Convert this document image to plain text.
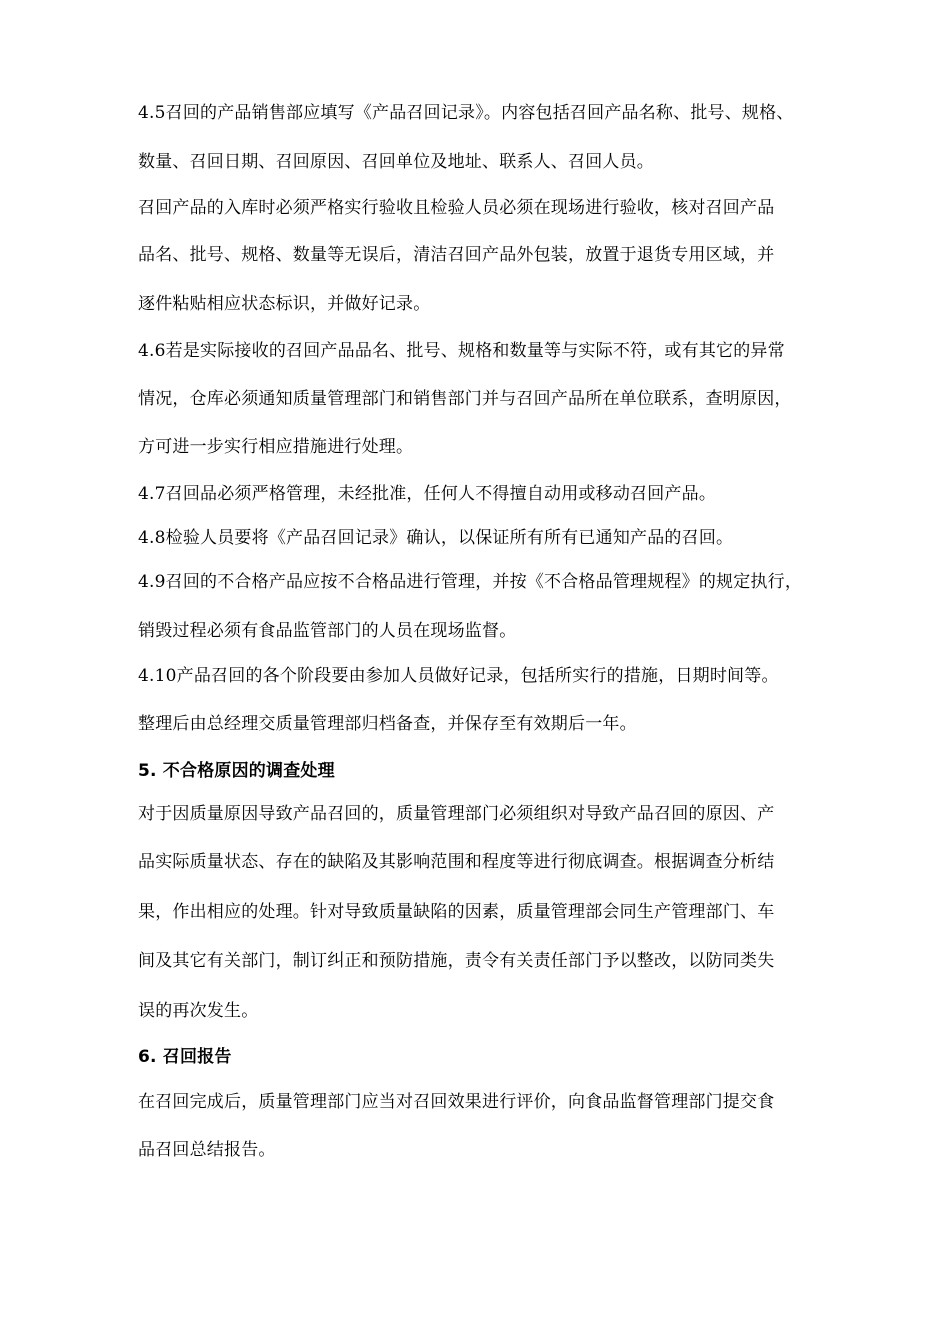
4.5召回的产品销售部应填写《产品召回记录》。内容包括召回产品名称、批号、规格、
数量、召回日期、召回原因、召回单位及地址、联系人、召回人员。
召回产品的入库时必须严格实行验收且检验人员必须在现场进行验收，核对召回产品
品名、批号、规格、数量等无误后，清洁召回产品外包装，放置于退货专用区域，并
逐件粘贴相应状态标识，并做好记录。
4.6若是实际接收的召回产品品名、批号、规格和数量等与实际不符，或有其它的异常
情况，仓库必须通知质量管理部门和销售部门并与召回产品所在单位联系，查明原因，
方可进一步实行相应措施进行处理。
4.7召回品必须严格管理，未经批准，任何人不得擅自动用或移动召回产品。
4.8检验人员要将《产品召回记录》确认，以保证所有所有已通知产品的召回。
4.9召回的不合格产品应按不合格品进行管理，并按《不合格品管理规程》的规定执行，
销毁过程必须有食品监管部门的人员在现场监督。
4.10产品召回的各个阶段要由参加人员做好记录，包括所实行的措施，日期时间等。
整理后由总经理交质量管理部归档备查，并保存至有效期后一年。
5. 不合格原因的调查处理
对于因质量原因导致产品召回的，质量管理部门必须组织对导致产品召回的原因、产
品实际质量状态、存在的缺陷及其影响范围和程度等进行彻底调查。根据调查分析结
果，作出相应的处理。针对导致质量缺陷的因素，质量管理部会同生产管理部门、车
间及其它有关部门，制订纠正和预防措施，责令有关责任部门予以整改，以防同类失
误的再次发生。
6. 召回报告
在召回完成后，质量管理部门应当对召回效果进行评价，向食品监督管理部门提交食
品召回总结报告。
